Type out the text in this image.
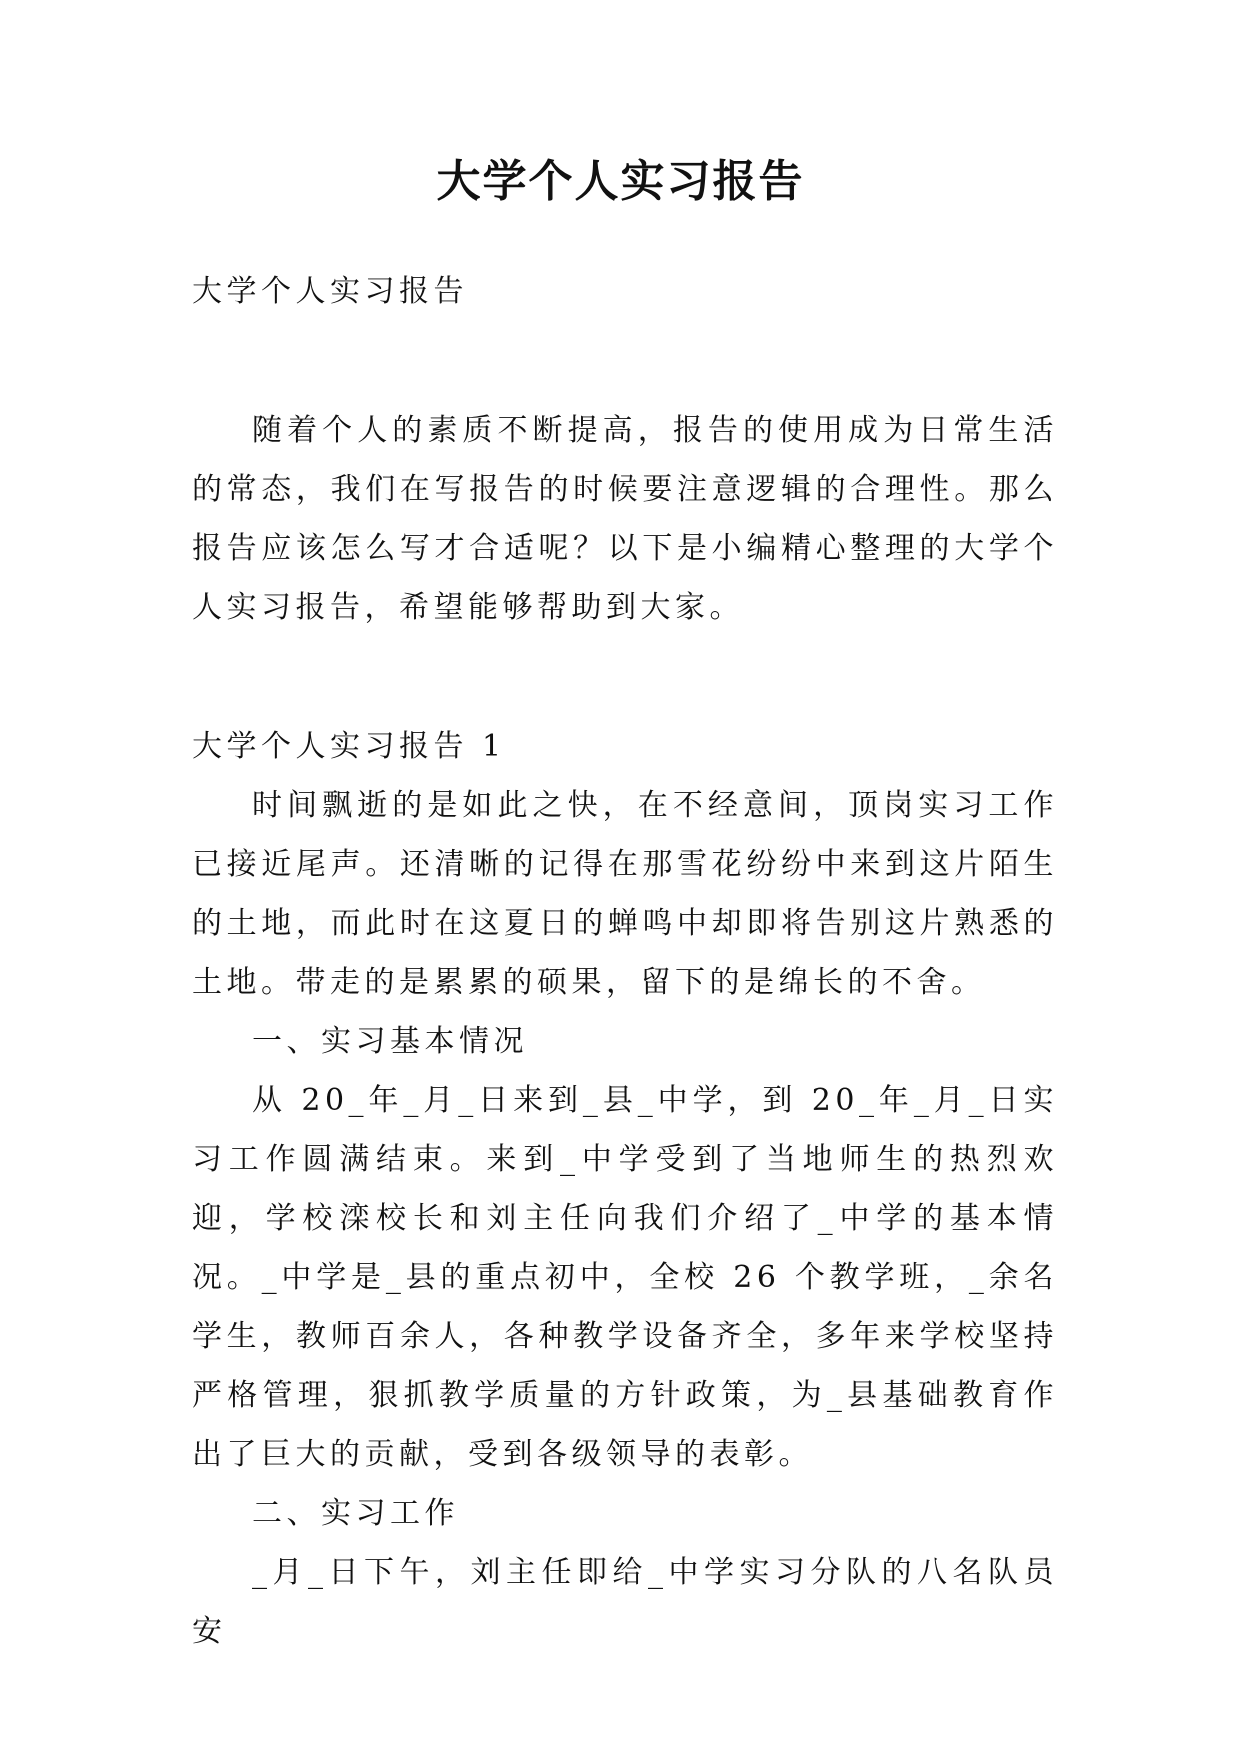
大学个人实习报告

大学个人实习报告

随着个人的素质不断提高，报告的使用成为日常生活的常态，我们在写报告的时候要注意逻辑的合理性。那么报告应该怎么写才合适呢？以下是小编精心整理的大学个人实习报告，希望能够帮助到大家。

大学个人实习报告 1

时间飘逝的是如此之快，在不经意间，顶岗实习工作已接近尾声。还清晰的记得在那雪花纷纷中来到这片陌生的土地，而此时在这夏日的蝉鸣中却即将告别这片熟悉的土地。带走的是累累的硕果，留下的是绵长的不舍。

一、实习基本情况

从 20_年_月_日来到_县_中学，到 20_年_月_日实习工作圆满结束。来到_中学受到了当地师生的热烈欢迎，学校滦校长和刘主任向我们介绍了_中学的基本情况。_中学是_县的重点初中，全校 26 个教学班，_余名学生，教师百余人，各种教学设备齐全，多年来学校坚持严格管理，狠抓教学质量的方针政策，为_县基础教育作出了巨大的贡献，受到各级领导的表彰。

二、实习工作

_月_日下午，刘主任即给_中学实习分队的八名队员安
